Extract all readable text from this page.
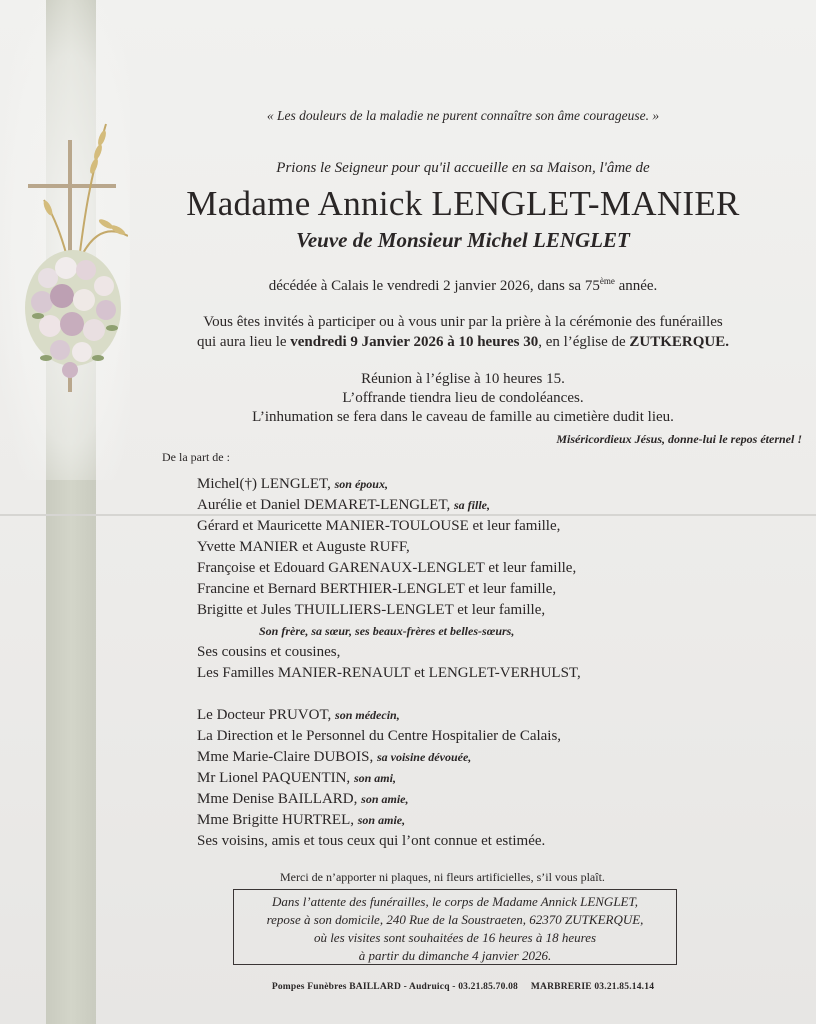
« Les douleurs de la maladie ne purent connaître son âme courageuse. »
Prions le Seigneur pour qu'il accueille en sa Maison, l'âme de
Madame Annick LENGLET-MANIER
Veuve de Monsieur Michel LENGLET
décédée à Calais le vendredi 2 janvier 2026, dans sa 75ème année.
Vous êtes invités à participer ou à vous unir par la prière à la cérémonie des funérailles
qui aura lieu le vendredi 9 Janvier 2026 à 10 heures 30, en l’église de ZUTKERQUE.
Réunion à l’église à 10 heures 15.
L’offrande tiendra lieu de condoléances.
L’inhumation se fera dans le caveau de famille au cimetière dudit lieu.
Miséricordieux Jésus, donne-lui le repos éternel !
De la part de :
Michel(†) LENGLET, son époux,
Aurélie et Daniel DEMARET-LENGLET, sa fille,
Gérard et Mauricette MANIER-TOULOUSE et leur famille,
Yvette MANIER et Auguste RUFF,
Françoise et Edouard GARENAUX-LENGLET et leur famille,
Francine et Bernard BERTHIER-LENGLET et leur famille,
Brigitte et Jules THUILLIERS-LENGLET et leur famille,
Son frère, sa sœur, ses beaux-frères et belles-sœurs,
Ses cousins et cousines,
Les Familles MANIER-RENAULT et LENGLET-VERHULST,
Le Docteur PRUVOT, son médecin,
La Direction et le Personnel du Centre Hospitalier de Calais,
Mme Marie-Claire DUBOIS, sa voisine dévouée,
Mr Lionel PAQUENTIN, son ami,
Mme Denise BAILLARD, son amie,
Mme Brigitte HURTREL, son amie,
Ses voisins, amis et tous ceux qui l’ont connue et estimée.
Merci de n’apporter ni plaques, ni fleurs artificielles, s’il vous plaît.
Dans l’attente des funérailles, le corps de Madame Annick LENGLET,
repose à son domicile, 240 Rue de la Soustraeten, 62370 ZUTKERQUE,
où les visites sont souhaitées de 16 heures à 18 heures
à partir du dimanche 4 janvier 2026.
Pompes Funèbres BAILLARD - Audruicq - 03.21.85.70.08     MARBRERIE 03.21.85.14.14
